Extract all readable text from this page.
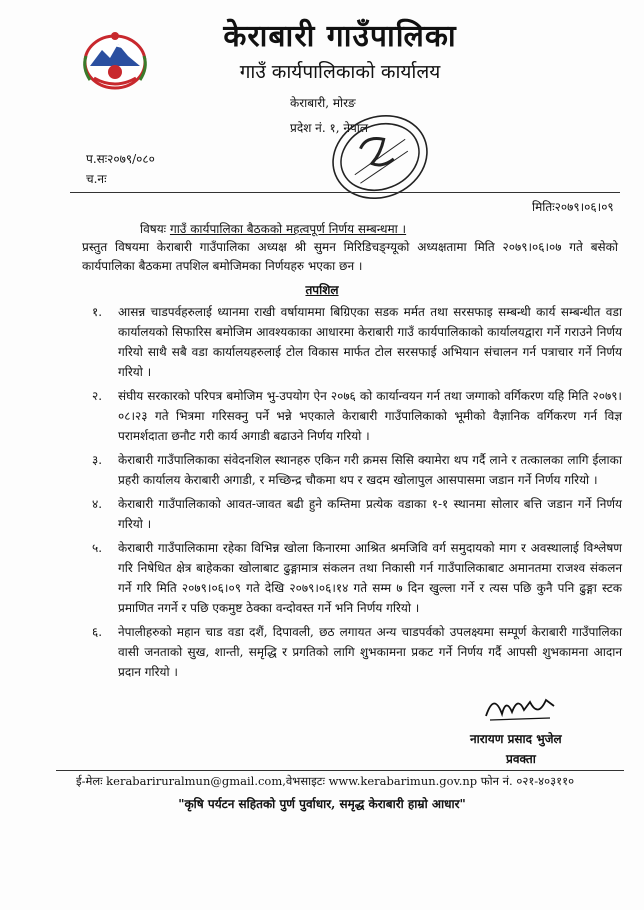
केराबारी गाउँपालिका
गाउँ कार्यपालिकाको कार्यालय
केराबारी, मोरङ
प्रदेश नं. १, नेपाल
प.सः२०७९/०८०
च.नः
मितिः२०७९।०६।०९
विषयः गाउँ कार्यपालिका बैठकको महत्वपूर्ण निर्णय सम्बन्धमा ।
प्रस्तुत विषयमा केराबारी गाउँपालिका अध्यक्ष श्री सुमन मिरिडिचङ्ग्यूको अध्यक्षतामा मिति २०७९।०६।०७ गते बसेको कार्यपालिका बैठकमा तपशिल बमोजिमका निर्णयहरु भएका छन ।
तपशिल
१. आसन्न चाडपर्वहरुलाई ध्यानमा राखी वर्षायाममा बिग्रिएका सडक मर्मत तथा सरसफाइ सम्बन्धी कार्य सम्बन्धीत वडा कार्यालयको सिफारिस बमोजिम आवश्यकाका आधारमा केराबारी गाउँ कार्यपालिकाको कार्यालयद्वारा गर्ने गराउने निर्णय गरियो साथै सबै वडा कार्यालयहरुलाई टोल विकास मार्फत टोल सरसफाई अभियान संचालन गर्न पत्राचार गर्ने निर्णय गरियो ।
२. संघीय सरकारको परिपत्र बमोजिम भु-उपयोग ऐन २०७६ को कार्यान्वयन गर्न तथा जग्गाको वर्गिकरण यहि मिति २०७९।०८।२३ गते भित्रमा गरिसक्नु पर्ने भन्ने भएकाले केराबारी गाउँपालिकाको भूमीको वैज्ञानिक वर्गिकरण गर्न विज्ञ परामर्शदाता छनौट गरी कार्य अगाडी बढाउने निर्णय गरियो ।
३. केराबारी गाउँपालिकाका संवेदनशिल स्थानहरु एकिन गरी क्रमस सिसि क्यामेरा थप गर्दै लाने र तत्कालका लागि ईलाका प्रहरी कार्यालय केराबारी अगाडी, र मच्छिन्द्र चौकमा थप र खदम खोलापुल आसपासमा जडान गर्ने निर्णय गरियो ।
४. केराबारी गाउँपालिकाको आवत-जावत बढी हुने कम्तिमा प्रत्येक वडाका १-१ स्थानमा सोलार बत्ति जडान गर्ने निर्णय गरियो ।
५. केराबारी गाउँपालिकामा रहेका विभिन्न खोला किनारमा आश्रित श्रमजिवि वर्ग समुदायको माग र अवस्थालाई विश्लेषण गरि निषेधित क्षेत्र बाहेकका खोलाबाट ढुङ्गामात्र संकलन तथा निकासी गर्न गाउँपालिकाबाट अमानतमा राजश्व संकलन गर्ने गरि मिति २०७९।०६।०९ गते देखि २०७९।०६।१४ गते सम्म ७ दिन खुल्ला गर्ने र त्यस पछि कुनै पनि ढुङ्गा स्टक प्रमाणित नगर्ने र पछि एकमुष्ट ठेक्का वन्दोवस्त गर्ने भनि निर्णय गरियो ।
६. नेपालीहरुको महान चाड वडा दशैं, दिपावली, छठ लगायत अन्य चाडपर्वको उपलक्ष्यमा सम्पूर्ण केराबारी गाउँपालिका वासी जनताको सुख, शान्ती, समृद्धि र प्रगतिको लागि शुभकामना प्रकट गर्ने निर्णय गर्दै आपसी शुभकामना आदान प्रदान गरियो ।
नारायण प्रसाद भुजेल
प्रवक्ता
ई-मेलः kerabariruralmun@gmail.com,वेभसाइटः www.kerabarimun.gov.np फोन नं. ०२१-४०३११०
"कृषि पर्यटन सहितको पुर्ण पुर्वाधार, समृद्ध केराबारी हाम्रो आधार"
